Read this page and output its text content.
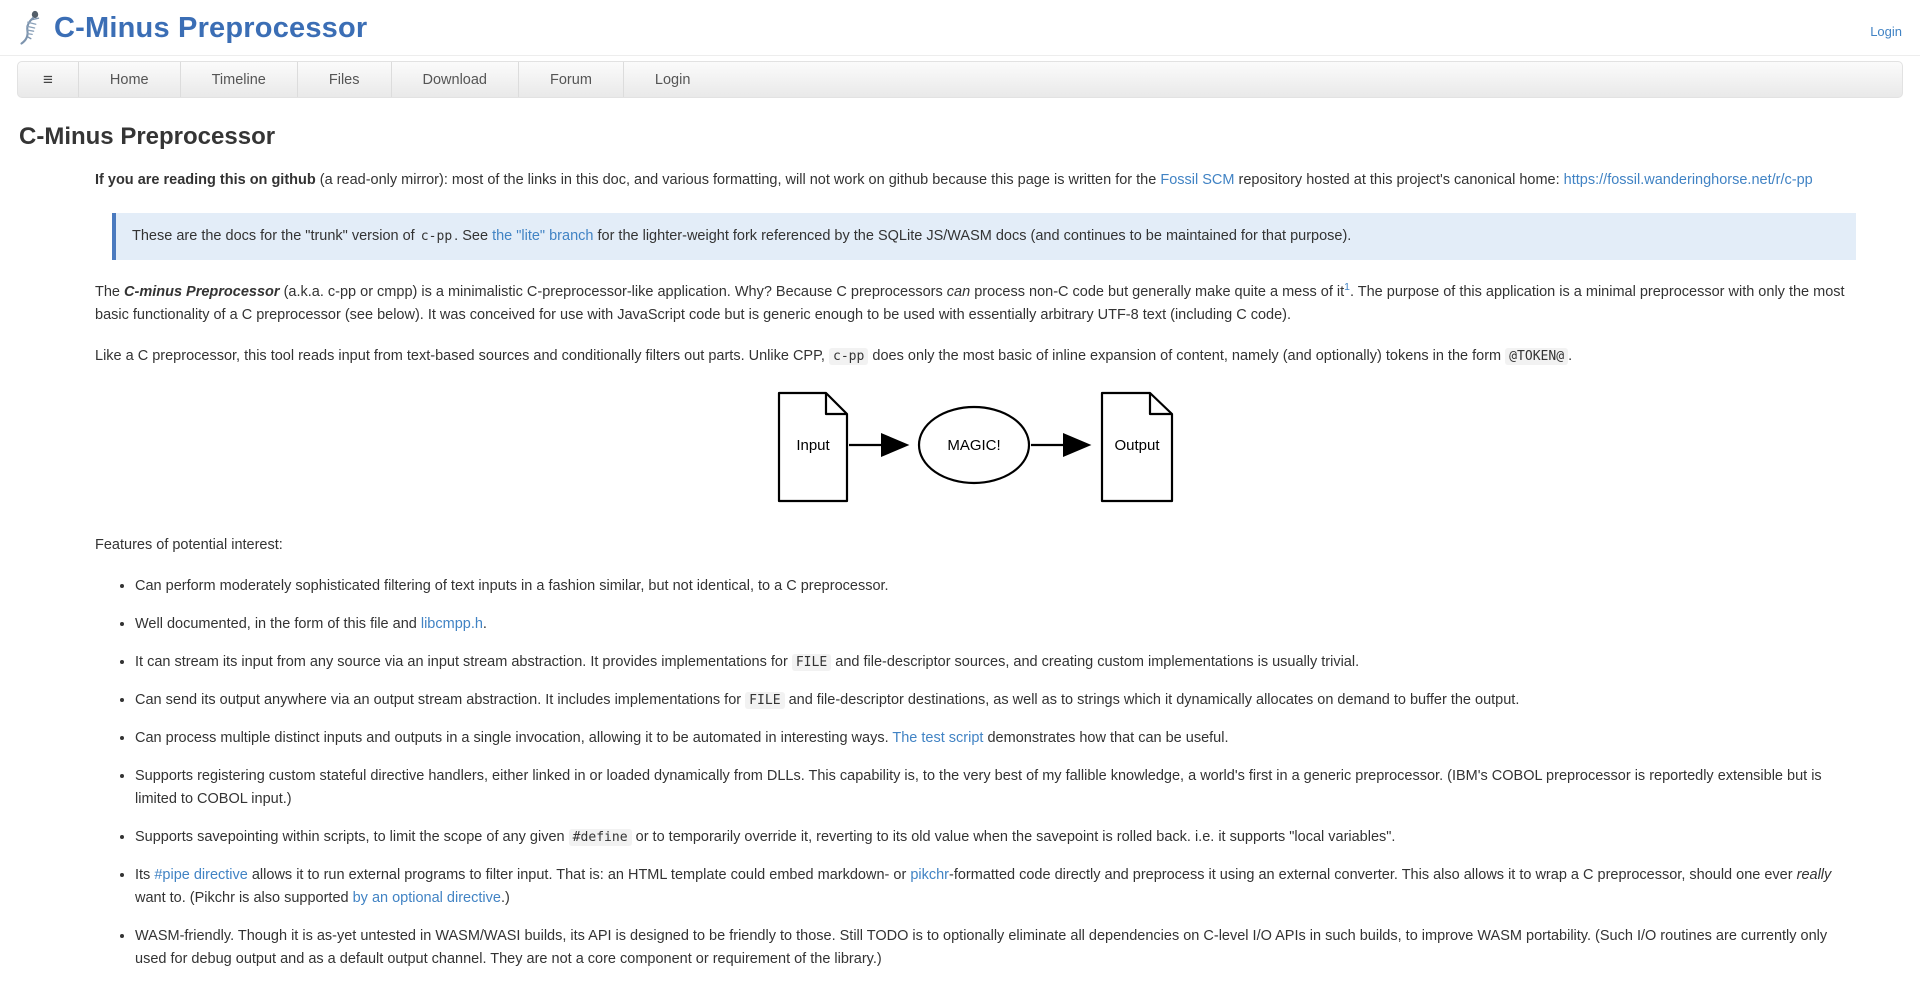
C-Minus Preprocessor	Login
≡	Home	Timeline	Files	Download	Forum	Login
C-Minus Preprocessor

If you are reading this on github (a read-only mirror): most of the links in this doc, and various formatting, will not work on github because this page is written for the Fossil SCM repository hosted at this project's canonical home: https://fossil.wanderinghorse.net/r/c-pp

These are the docs for the "trunk" version of c-pp . See the "lite" branch for the lighter-weight fork referenced by the SQLite JS/WASM docs (and continues to be maintained for that purpose).

The C-minus Preprocessor (a.k.a. c-pp or cmpp) is a minimalistic C-preprocessor-like application. Why? Because C preprocessors can process non-C code but generally make quite a mess of it$^1$. The purpose of this application is a minimal preprocessor with only the most basic functionality of a C preprocessor (see below). It was conceived for use with JavaScript code but is generic enough to be used with essentially arbitrary UTF-8 text (including C code).

Like a C preprocessor, this tool reads input from text-based sources and conditionally filters out parts. Unlike CPP, c-pp does only the most basic of inline expansion of content, namely (and optionally) tokens in the form @TOKEN@ .

Input	MAGIC!	Output

Features of potential interest:

• Can perform moderately sophisticated filtering of text inputs in a fashion similar, but not identical, to a C preprocessor.
• Well documented, in the form of this file and libcmpp.h.
• It can stream its input from any source via an input stream abstraction. It provides implementations for FILE and file-descriptor sources, and creating custom implementations is usually trivial.
• Can send its output anywhere via an output stream abstraction. It includes implementations for FILE and file-descriptor destinations, as well as to strings which it dynamically allocates on demand to buffer the output.
• Can process multiple distinct inputs and outputs in a single invocation, allowing it to be automated in interesting ways. The test script demonstrates how that can be useful.
• Supports registering custom stateful directive handlers, either linked in or loaded dynamically from DLLs. This capability is, to the very best of my fallible knowledge, a world's first in a generic preprocessor. (IBM's COBOL preprocessor is reportedly extensible but is limited to COBOL input.)
• Supports savepointing within scripts, to limit the scope of any given #define or to temporarily override it, reverting to its old value when the savepoint is rolled back. i.e. it supports "local variables".
• Its #pipe directive allows it to run external programs to filter input. That is: an HTML template could embed markdown- or pikchr-formatted code directly and preprocess it using an external converter. This also allows it to wrap a C preprocessor, should one ever really want to. (Pikchr is also supported by an optional directive.)
• WASM-friendly. Though it is as-yet untested in WASM/WASI builds, its API is designed to be friendly to those. Still TODO is to optionally eliminate all dependencies on C-level I/O APIs in such builds, to improve WASM portability. (Such I/O routines are currently only used for debug output and as a default output channel. They are not a core component or requirement of the library.)
